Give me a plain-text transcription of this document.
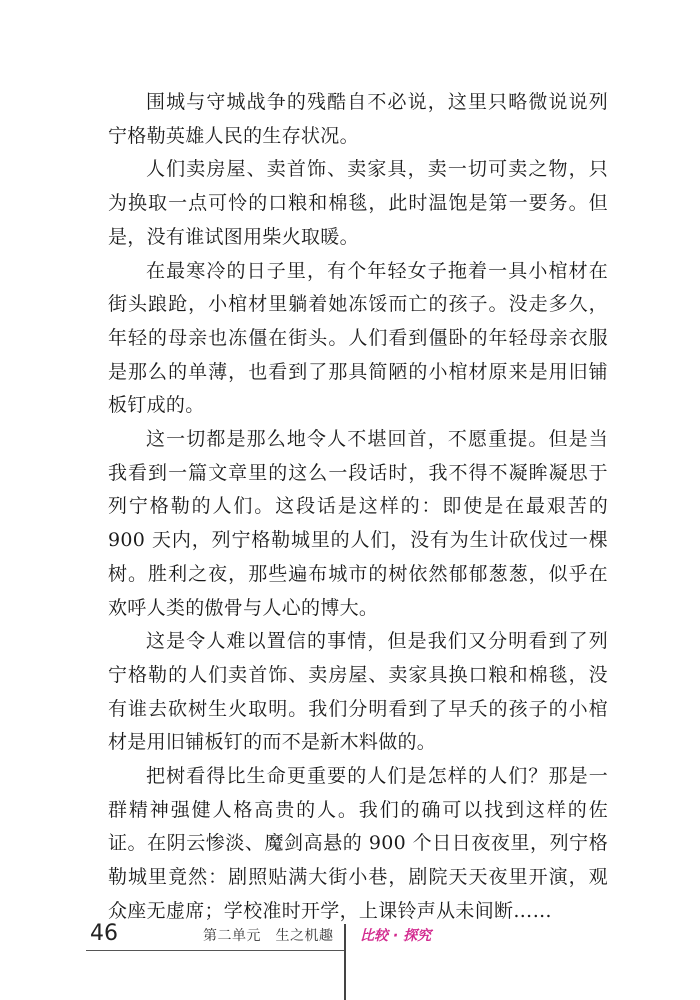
围城与守城战争的残酷自不必说，这里只略微说说列宁格勒英雄人民的生存状况。

人们卖房屋、卖首饰、卖家具，卖一切可卖之物，只为换取一点可怜的口粮和棉毯，此时温饱是第一要务。但是，没有谁试图用柴火取暖。

在最寒冷的日子里，有个年轻女子拖着一具小棺材在街头踉跄，小棺材里躺着她冻馁而亡的孩子。没走多久，年轻的母亲也冻僵在街头。人们看到僵卧的年轻母亲衣服是那么的单薄，也看到了那具简陋的小棺材原来是用旧铺板钉成的。

这一切都是那么地令人不堪回首，不愿重提。但是当我看到一篇文章里的这么一段话时，我不得不凝眸凝思于列宁格勒的人们。这段话是这样的：即使是在最艰苦的 900 天内，列宁格勒城里的人们，没有为生计砍伐过一棵树。胜利之夜，那些遍布城市的树依然郁郁葱葱，似乎在欢呼人类的傲骨与人心的博大。

这是令人难以置信的事情，但是我们又分明看到了列宁格勒的人们卖首饰、卖房屋、卖家具换口粮和棉毯，没有谁去砍树生火取明。我们分明看到了早夭的孩子的小棺材是用旧铺板钉的而不是新木料做的。

把树看得比生命更重要的人们是怎样的人们？那是一群精神强健人格高贵的人。我们的确可以找到这样的佐证。在阴云惨淡、魔剑高悬的 900 个日日夜夜里，列宁格勒城里竟然：剧照贴满大街小巷，剧院天天夜里开演，观众座无虚席；学校准时开学，上课铃声从未间断……

46	第二单元　生之机趣 比较 · 探究
